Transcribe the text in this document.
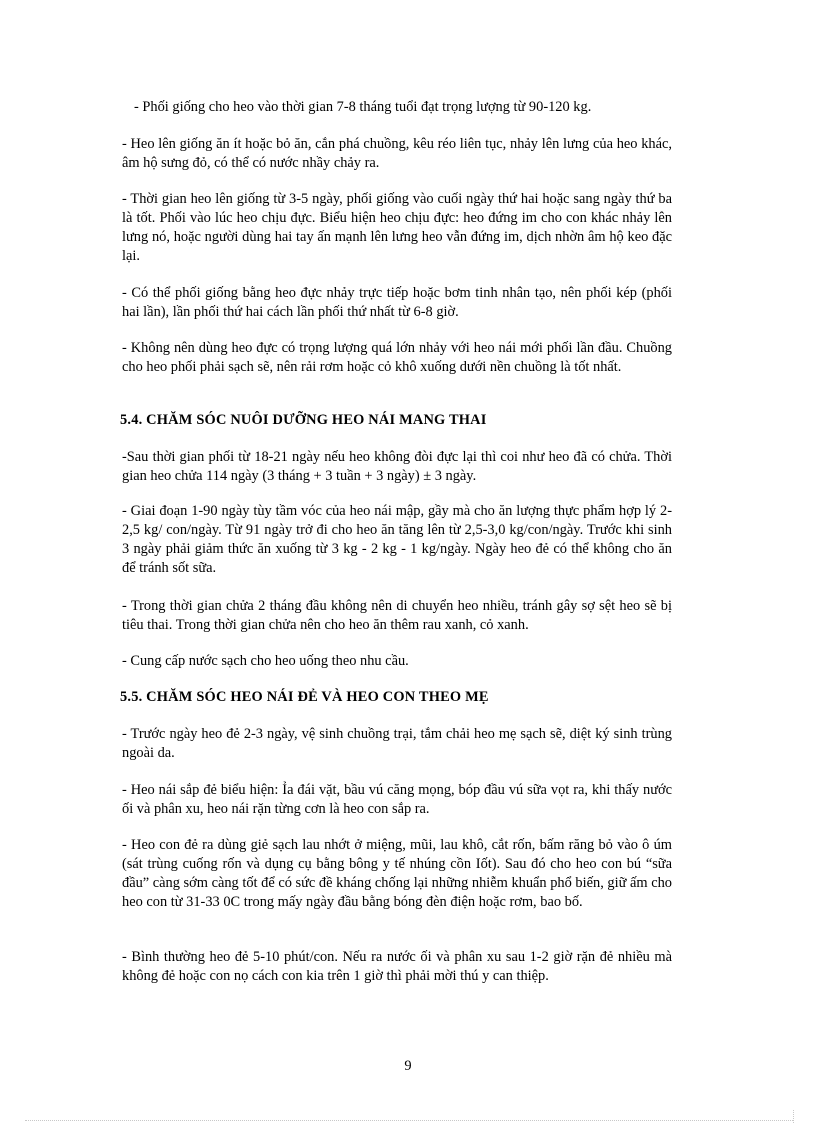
- Phối giống cho heo vào thời gian 7-8 tháng tuổi đạt trọng lượng từ 90-120 kg.

- Heo lên giống ăn ít hoặc bỏ ăn, cắn phá chuồng, kêu réo liên tục, nhảy lên lưng của heo khác, âm hộ sưng đỏ, có thể có nước nhầy chảy ra.

- Thời gian heo lên giống từ 3-5 ngày, phối giống vào cuối ngày thứ hai hoặc sang ngày thứ ba là tốt. Phối vào lúc heo chịu đực. Biểu hiện heo chịu đực: heo đứng im cho con khác nhảy lên lưng nó, hoặc người dùng hai tay ấn mạnh lên lưng heo vẫn đứng im, dịch nhờn âm hộ keo đặc lại.

- Có thể phối giống bằng heo đực nhảy trực tiếp hoặc bơm tinh nhân tạo, nên phối kép (phối hai lần), lần phối thứ hai cách lần phối thứ nhất từ 6-8 giờ.

- Không nên dùng heo đực có trọng lượng quá lớn nhảy với heo nái mới phối lần đầu. Chuồng cho heo phối phải sạch sẽ, nên rải rơm hoặc cỏ khô xuống dưới nền chuồng là tốt nhất.

5.4. CHĂM SÓC NUÔI DƯỠNG HEO NÁI MANG THAI

-Sau thời gian phối từ 18-21 ngày nếu heo không đòi đực lại thì coi như heo đã có chửa. Thời gian heo chửa 114 ngày (3 tháng + 3 tuần + 3 ngày) ± 3 ngày.

- Giai đoạn 1-90 ngày tùy tầm vóc của heo nái mập, gầy mà cho ăn lượng thực phẩm hợp lý 2-2,5 kg/ con/ngày. Từ 91 ngày trở đi cho heo ăn tăng lên từ 2,5-3,0 kg/con/ngày. Trước khi sinh 3 ngày phải giảm thức ăn xuống từ 3 kg - 2 kg - 1 kg/ngày. Ngày heo đẻ có thể không cho ăn để tránh sốt sữa.

- Trong thời gian chửa 2 tháng đầu không nên di chuyển heo nhiều, tránh gây sợ sệt heo sẽ bị tiêu thai. Trong thời gian chửa nên cho heo ăn thêm rau xanh, cỏ xanh.

- Cung cấp nước sạch cho heo uống theo nhu cầu.

5.5. CHĂM SÓC HEO NÁI ĐẺ VÀ HEO CON THEO MẸ

- Trước ngày heo đẻ 2-3 ngày, vệ sinh chuồng trại, tắm chải heo mẹ sạch sẽ, diệt ký sinh trùng ngoài da.

- Heo nái sắp đẻ biểu hiện: Ỉa đái vặt, bầu vú căng mọng, bóp đầu vú sữa vọt ra, khi thấy nước ối và phân xu, heo nái rặn từng cơn là heo con sắp ra.

- Heo con đẻ ra dùng giẻ sạch lau nhớt ở miệng, mũi, lau khô, cắt rốn, bấm răng bỏ vào ô úm (sát trùng cuống rốn và dụng cụ bằng bông y tế nhúng cồn Iốt). Sau đó cho heo con bú “sữa đầu” càng sớm càng tốt để có sức đề kháng chống lại những nhiễm khuẩn phổ biến, giữ ấm cho heo con từ 31-33 0C trong mấy ngày đầu bằng bóng đèn điện hoặc rơm, bao bố.

- Bình thường heo đẻ 5-10 phút/con. Nếu ra nước ối và phân xu sau 1-2 giờ rặn đẻ nhiều mà không đẻ hoặc con nọ cách con kia trên 1 giờ thì phải mời thú y can thiệp.

9
